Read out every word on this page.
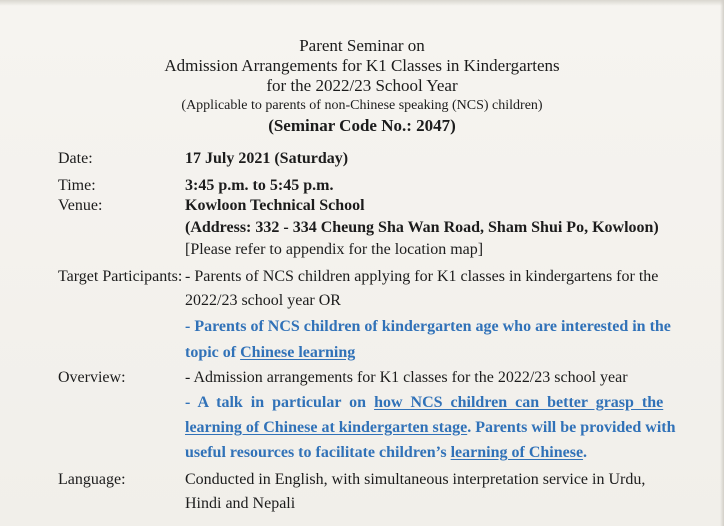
Parent Seminar on
Admission Arrangements for K1 Classes in Kindergartens
for the 2022/23 School Year
(Applicable to parents of non-Chinese speaking (NCS) children)
(Seminar Code No.: 2047)
Date:	17 July 2021 (Saturday)
Time:	3:45 p.m. to 5:45 p.m.
Venue:	Kowloon Technical School
(Address: 332 - 334 Cheung Sha Wan Road, Sham Shui Po, Kowloon)
[Please refer to appendix for the location map]
Target Participants: - Parents of NCS children applying for K1 classes in kindergartens for the
2022/23 school year OR
- Parents of NCS children of kindergarten age who are interested in the
topic of Chinese learning
Overview:	- Admission arrangements for K1 classes for the 2022/23 school year
-  A  talk  in  particular  on  how  NCS  children  can  better  grasp  the
learning of Chinese at kindergarten stage. Parents will be provided with
useful resources to facilitate children’s learning of Chinese.
Language:	Conducted in English, with simultaneous interpretation service in Urdu,
Hindi and Nepali
